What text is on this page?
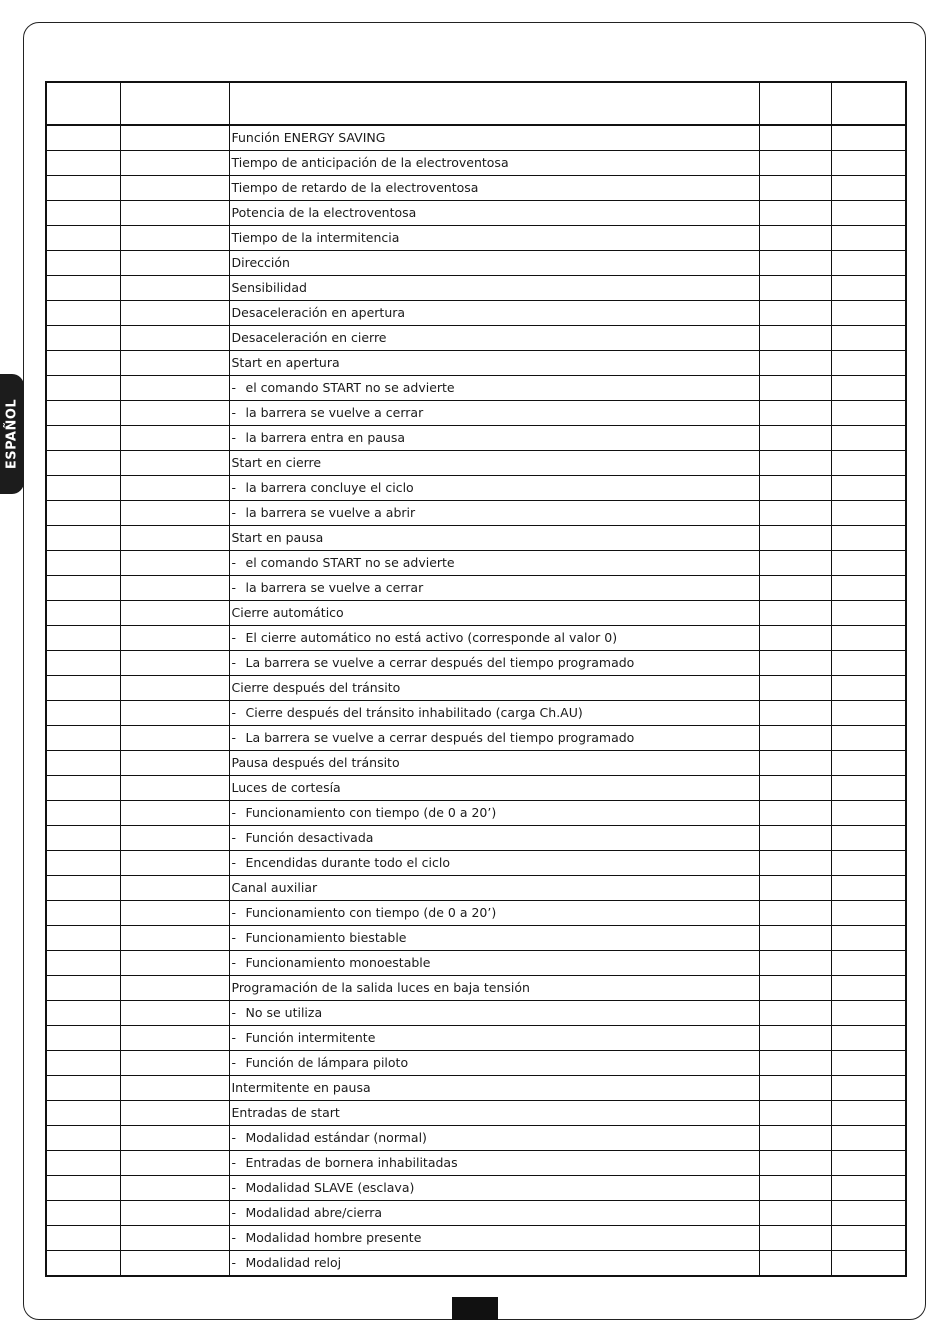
ESPAÑOL

		Función ENERGY SAVING		
		Tiempo de anticipación de la electroventosa		
		Tiempo de retardo de la electroventosa		
		Potencia de la electroventosa		
		Tiempo de la intermitencia		
		Dirección		
		Sensibilidad		
		Desaceleración en apertura		
		Desaceleración en cierre		
		Start en apertura		
		- el comando START no se advierte		
		- la barrera se vuelve a cerrar		
		- la barrera entra en pausa		
		Start en cierre		
		- la barrera concluye el ciclo		
		- la barrera se vuelve a abrir		
		Start en pausa		
		- el comando START no se advierte		
		- la barrera se vuelve a cerrar		
		Cierre automático		
		- El cierre automático no está activo (corresponde al valor 0)		
		- La barrera se vuelve a cerrar después del tiempo programado		
		Cierre después del tránsito		
		- Cierre después del tránsito inhabilitado (carga Ch.AU)		
		- La barrera se vuelve a cerrar después del tiempo programado		
		Pausa después del tránsito		
		Luces de cortesía		
		- Funcionamiento con tiempo (de 0 a 20’)		
		- Función desactivada		
		- Encendidas durante todo el ciclo		
		Canal auxiliar		
		- Funcionamiento con tiempo (de 0 a 20’)		
		- Funcionamiento biestable		
		- Funcionamiento monoestable		
		Programación de la salida luces en baja tensión		
		- No se utiliza		
		- Función intermitente		
		- Función de lámpara piloto		
		Intermitente en pausa		
		Entradas de start		
		- Modalidad estándar (normal)		
		- Entradas de bornera inhabilitadas		
		- Modalidad SLAVE (esclava)		
		- Modalidad abre/cierra		
		- Modalidad hombre presente		
		- Modalidad reloj		
